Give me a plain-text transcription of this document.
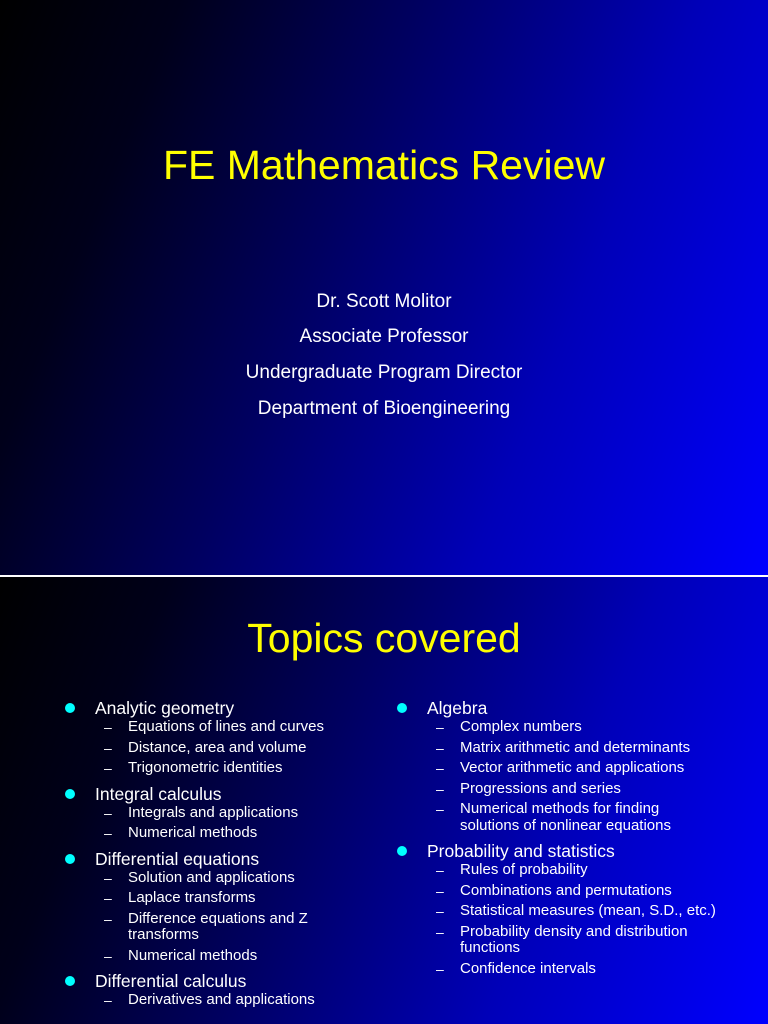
FE Mathematics Review

Dr. Scott Molitor

Associate Professor

Undergraduate Program Director

Department of Bioengineering

Topics covered
Analytic geometry
– Equations of lines and curves
– Distance, area and volume
– Trigonometric identities
Integral calculus
– Integrals and applications
– Numerical methods
Differential equations
– Solution and applications
– Laplace transforms
– Difference equations and Z transforms
– Numerical methods
Differential calculus
– Derivatives and applications
Algebra
– Complex numbers
– Matrix arithmetic and determinants
– Vector arithmetic and applications
– Progressions and series
– Numerical methods for finding solutions of nonlinear equations
Probability and statistics
– Rules of probability
– Combinations and permutations
– Statistical measures (mean, S.D., etc.)
– Probability density and distribution functions
– Confidence intervals
